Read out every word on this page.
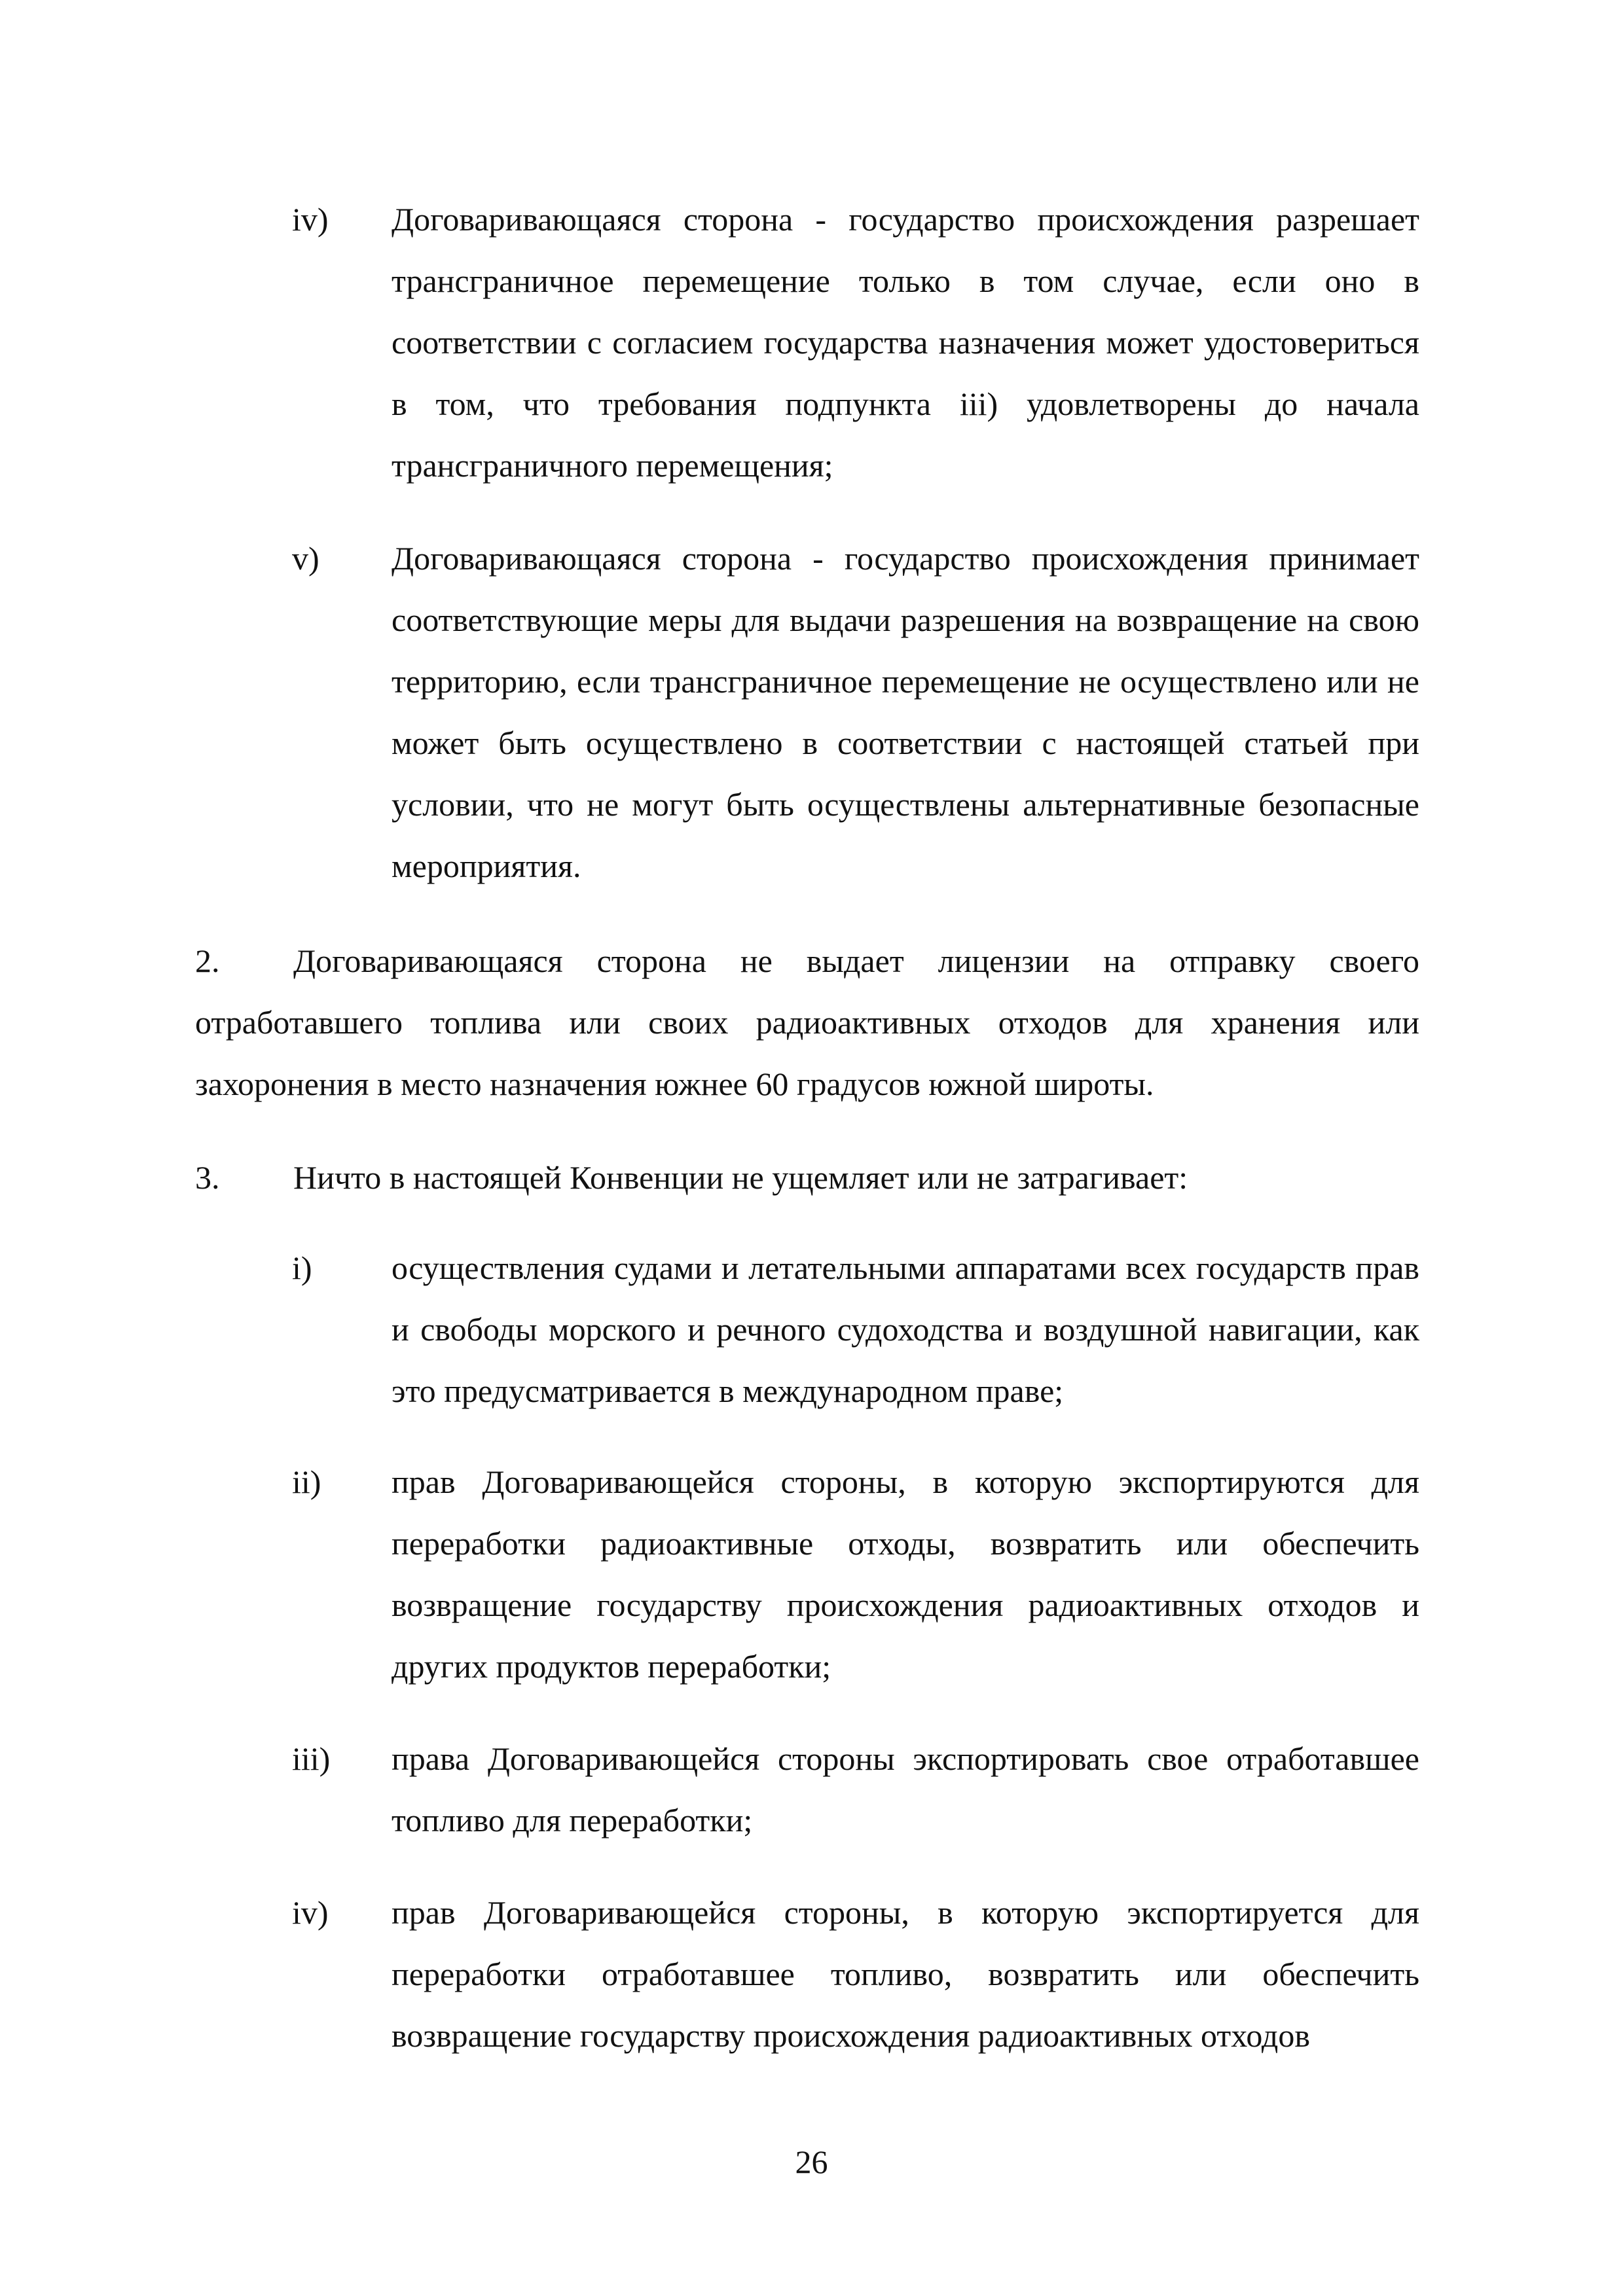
iv) Договаривающаяся сторона - государство происхождения разрешает трансграничное перемещение только в том случае, если оно в соответствии с согласием государства назначения может удостовериться в том, что требования подпункта iii) удовлетворены до начала трансграничного перемещения;
v) Договаривающаяся сторона - государство происхождения принимает соответствующие меры для выдачи разрешения на возвращение на свою территорию, если трансграничное перемещение не осуществлено или не может быть осуществлено в соответствии с настоящей статьей при условии, что не могут быть осуществлены альтернативные безопасные мероприятия.
2.	Договаривающаяся сторона не выдает лицензии на отправку своего отработавшего топлива или своих радиоактивных отходов для хранения или захоронения в место назначения южнее 60 градусов южной широты.
3.	Ничто в настоящей Конвенции не ущемляет или не затрагивает:
i) осуществления судами и летательными аппаратами всех государств прав и свободы морского и речного судоходства и воздушной навигации, как это предусматривается в международном праве;
ii) прав Договаривающейся стороны, в которую экспортируются для переработки радиоактивные отходы, возвратить или обеспечить возвращение государству происхождения радиоактивных отходов и других продуктов переработки;
iii) права Договаривающейся стороны экспортировать свое отработавшее топливо для переработки;
iv) прав Договаривающейся стороны, в которую экспортируется для переработки отработавшее топливо, возвратить или обеспечить возвращение государству происхождения радиоактивных отходов
26
